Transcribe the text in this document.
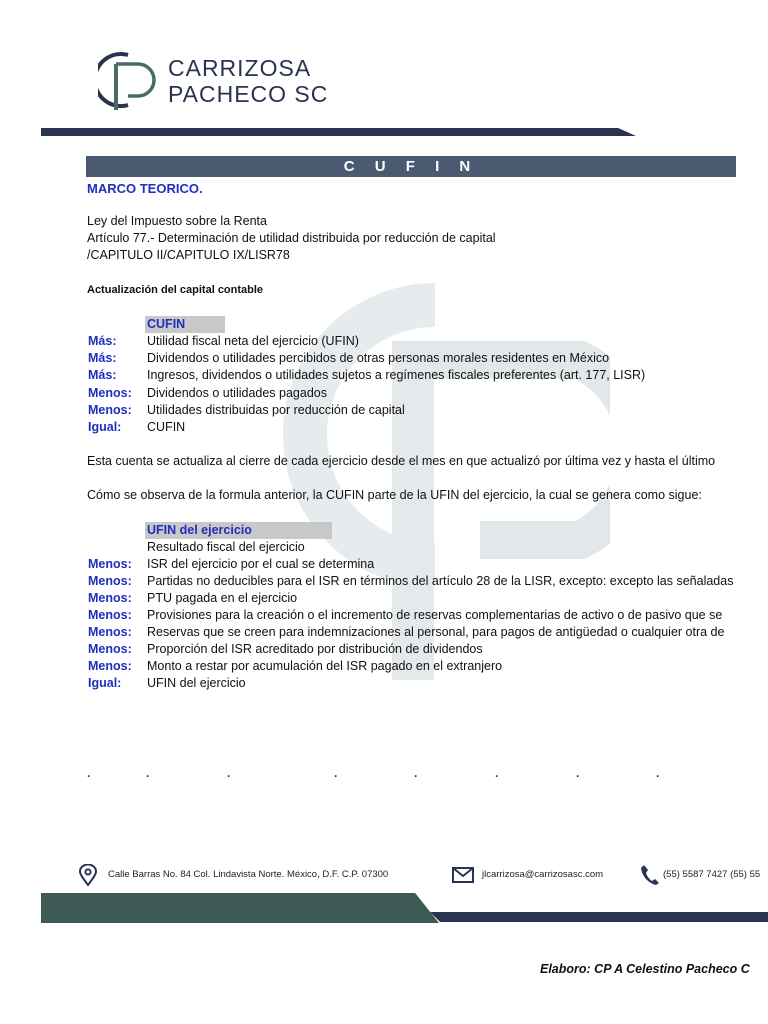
CARRIZOSA
PACHECO SC
C U F I N
MARCO TEORICO.
Ley del Impuesto sobre la Renta
Artículo 77.- Determinación de utilidad distribuida por reducción de capital
/CAPITULO II/CAPITULO IX/LISR78
Actualización del capital contable
CUFIN
Más: Utilidad fiscal neta del ejercicio (UFIN)
Más: Dividendos o utilidades percibidos de otras personas morales residentes en México
Más: Ingresos, dividendos o utilidades sujetos a regímenes fiscales preferentes (art. 177, LISR)
Menos: Dividendos o utilidades pagados
Menos: Utilidades distribuidas por reducción de capital
Igual: CUFIN
Esta cuenta se actualiza al cierre de cada ejercicio desde el mes en que actualizó por última vez y hasta el último
Cómo se observa de la formula anterior, la CUFIN parte de la UFIN del ejercicio, la cual se genera como sigue:
UFIN del ejercicio
Resultado fiscal del ejercicio
Menos: ISR del ejercicio por el cual se determina
Menos: Partidas no deducibles para el ISR en términos del artículo 28 de la LISR, excepto: excepto las señaladas
Menos: PTU pagada en el ejercicio
Menos: Provisiones para la creación o el incremento de reservas complementarias de activo o de pasivo que se
Menos: Reservas que se creen para indemnizaciones al personal, para pagos de antigüedad o cualquier otra de
Menos: Proporción del ISR acreditado por distribución de dividendos
Menos: Monto a restar por acumulación del ISR pagado en el extranjero
Igual: UFIN del ejercicio
.	.	.	.	.	.	.	.
Calle Barras No. 84 Col. Lindavista Norte. México, D.F. C.P. 07300	jlcarrizosa@carrizosasc.com	(55) 5587 7427 (55) 55
Elaboro: CP A Celestino Pacheco C
